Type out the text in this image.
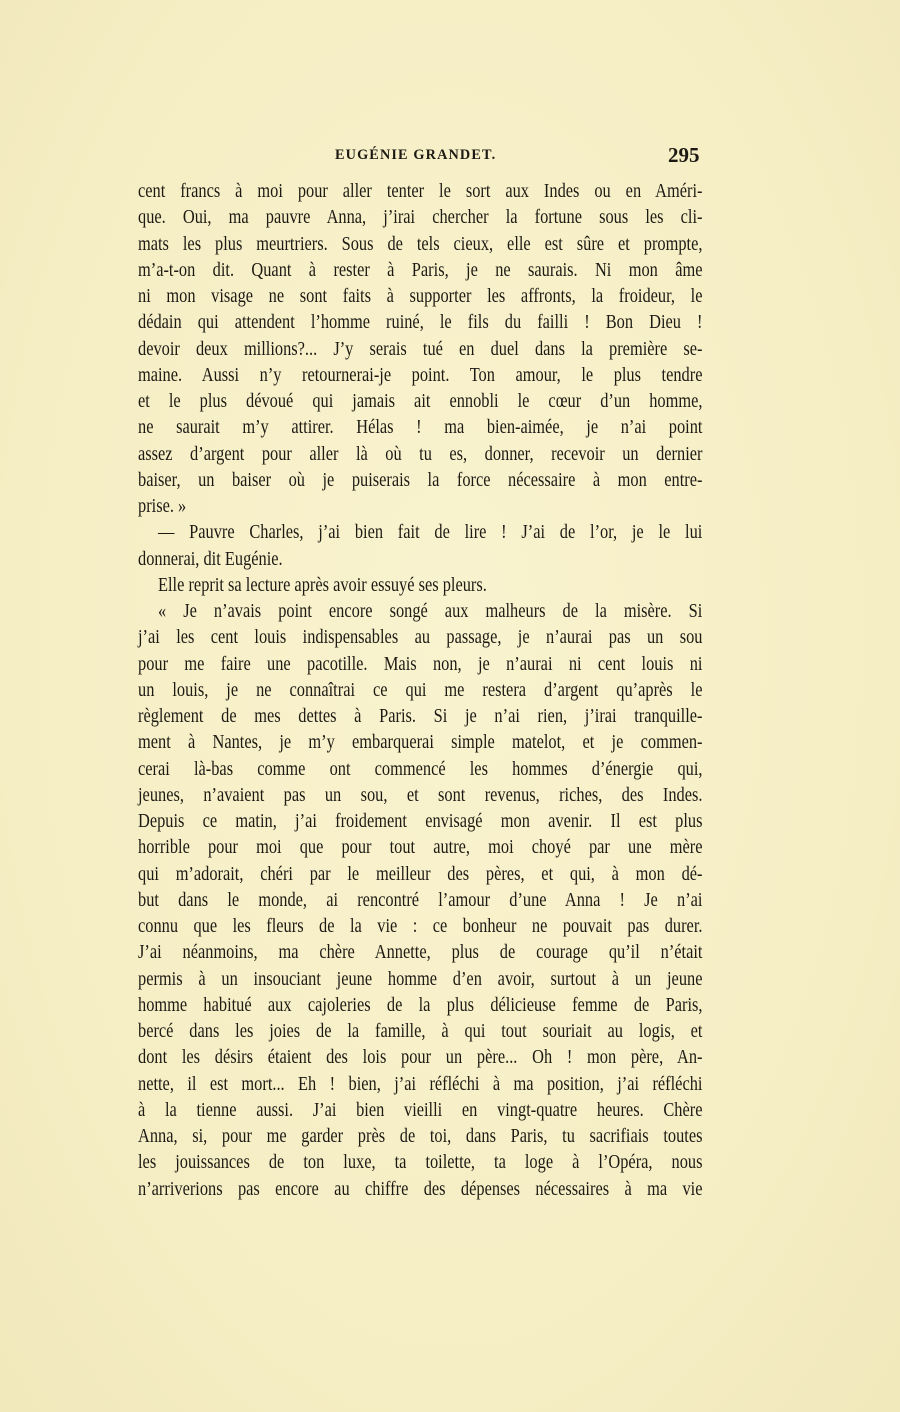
EUGÉNIE GRANDET.	295
cent francs à moi pour aller tenter le sort aux Indes ou en Améri-
que. Oui, ma pauvre Anna, j’irai chercher la fortune sous les cli-
mats les plus meurtriers. Sous de tels cieux, elle est sûre et prompte,
m’a-t-on dit. Quant à rester à Paris, je ne saurais. Ni mon âme
ni mon visage ne sont faits à supporter les affronts, la froideur, le
dédain qui attendent l’homme ruiné, le fils du failli ! Bon Dieu !
devoir deux millions?... J’y serais tué en duel dans la première se-
maine. Aussi n’y retournerai-je point. Ton amour, le plus tendre
et le plus dévoué qui jamais ait ennobli le cœur d’un homme,
ne saurait m’y attirer. Hélas ! ma bien-aimée, je n’ai point
assez d’argent pour aller là où tu es, donner, recevoir un dernier
baiser, un baiser où je puiserais la force nécessaire à mon entre-
prise. »
— Pauvre Charles, j’ai bien fait de lire ! J’ai de l’or, je le lui
donnerai, dit Eugénie.
Elle reprit sa lecture après avoir essuyé ses pleurs.
« Je n’avais point encore songé aux malheurs de la misère. Si
j’ai les cent louis indispensables au passage, je n’aurai pas un sou
pour me faire une pacotille. Mais non, je n’aurai ni cent louis ni
un louis, je ne connaîtrai ce qui me restera d’argent qu’après le
règlement de mes dettes à Paris. Si je n’ai rien, j’irai tranquille-
ment à Nantes, je m’y embarquerai simple matelot, et je commen-
cerai là-bas comme ont commencé les hommes d’énergie qui,
jeunes, n’avaient pas un sou, et sont revenus, riches, des Indes.
Depuis ce matin, j’ai froidement envisagé mon avenir. Il est plus
horrible pour moi que pour tout autre, moi choyé par une mère
qui m’adorait, chéri par le meilleur des pères, et qui, à mon dé-
but dans le monde, ai rencontré l’amour d’une Anna ! Je n’ai
connu que les fleurs de la vie : ce bonheur ne pouvait pas durer.
J’ai néanmoins, ma chère Annette, plus de courage qu’il n’était
permis à un insouciant jeune homme d’en avoir, surtout à un jeune
homme habitué aux cajoleries de la plus délicieuse femme de Paris,
bercé dans les joies de la famille, à qui tout souriait au logis, et
dont les désirs étaient des lois pour un père... Oh ! mon père, An-
nette, il est mort... Eh ! bien, j’ai réfléchi à ma position, j’ai réfléchi
à la tienne aussi. J’ai bien vieilli en vingt-quatre heures. Chère
Anna, si, pour me garder près de toi, dans Paris, tu sacrifiais toutes
les jouissances de ton luxe, ta toilette, ta loge à l’Opéra, nous
n’arriverions pas encore au chiffre des dépenses nécessaires à ma vie
